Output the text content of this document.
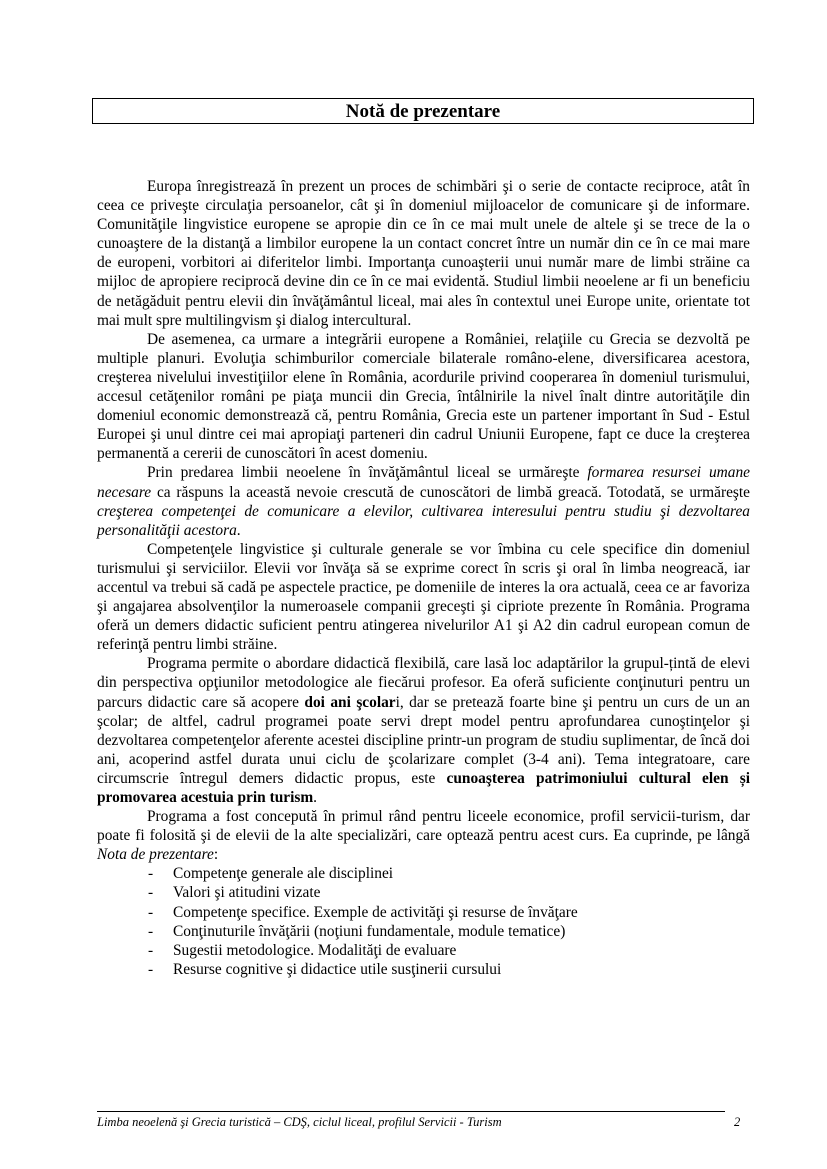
Notă de prezentare

Europa înregistrează în prezent un proces de schimbări şi o serie de contacte reciproce, atât în ceea ce priveşte circulaţia persoanelor, cât şi în domeniul mijloacelor de comunicare şi de informare. Comunităţile lingvistice europene se apropie din ce în ce mai mult unele de altele şi se trece de la o cunoaştere de la distanţă a limbilor europene la un contact concret între un număr din ce în ce mai mare de europeni, vorbitori ai diferitelor limbi. Importanţa cunoaşterii unui număr mare de limbi străine ca mijloc de apropiere reciprocă devine din ce în ce mai evidentă. Studiul limbii neoelene ar fi un beneficiu de netăgăduit pentru elevii din învăţământul liceal, mai ales în contextul unei Europe unite, orientate tot mai mult spre multilingvism şi dialog intercultural.

De asemenea, ca urmare a integrării europene a României, relaţiile cu Grecia se dezvoltă pe multiple planuri. Evoluţia schimburilor comerciale bilaterale româno-elene, diversificarea acestora, creşterea nivelului investiţiilor elene în România, acordurile privind cooperarea în domeniul turismului, accesul cetăţenilor români pe piaţa muncii din Grecia, întâlnirile la nivel înalt dintre autorităţile din domeniul economic demonstrează că, pentru România, Grecia este un partener important în Sud - Estul Europei şi unul dintre cei mai apropiaţi parteneri din cadrul Uniunii Europene, fapt ce duce la creşterea permanentă a cererii de cunoscători în acest domeniu.

Prin predarea limbii neoelene în învăţământul liceal se urmăreşte formarea resursei umane necesare ca răspuns la această nevoie crescută de cunoscători de limbă greacă. Totodată, se urmăreşte creşterea competenţei de comunicare a elevilor, cultivarea interesului pentru studiu şi dezvoltarea personalităţii acestora.

Competenţele lingvistice şi culturale generale se vor îmbina cu cele specifice din domeniul turismului şi serviciilor. Elevii vor învăţa să se exprime corect în scris şi oral în limba neogreacă, iar accentul va trebui să cadă pe aspectele practice, pe domeniile de interes la ora actuală, ceea ce ar favoriza şi angajarea absolvenţilor la numeroasele companii greceşti şi cipriote prezente în România. Programa oferă un demers didactic suficient pentru atingerea nivelurilor A1 şi A2 din cadrul european comun de referinţă pentru limbi străine.

Programa permite o abordare didactică flexibilă, care lasă loc adaptărilor la grupul-țintă de elevi din perspectiva opţiunilor metodologice ale fiecărui profesor. Ea oferă suficiente conţinuturi pentru un parcurs didactic care să acopere doi ani şcolari, dar se pretează foarte bine şi pentru un curs de un an şcolar; de altfel, cadrul programei poate servi drept model pentru aprofundarea cunoştinţelor şi dezvoltarea competenţelor aferente acestei discipline printr-un program de studiu suplimentar, de încă doi ani, acoperind astfel durata unui ciclu de şcolarizare complet (3-4 ani). Tema integratoare, care circumscrie întregul demers didactic propus, este cunoaşterea patrimoniului cultural elen și promovarea acestuia prin turism.

Programa a fost concepută în primul rând pentru liceele economice, profil servicii-turism, dar poate fi folosită şi de elevii de la alte specializări, care optează pentru acest curs. Ea cuprinde, pe lângă Nota de prezentare:

- Competenţe generale ale disciplinei
- Valori şi atitudini vizate
- Competenţe specifice. Exemple de activităţi şi resurse de învăţare
- Conţinuturile învăţării (noţiuni fundamentale, module tematice)
- Sugestii metodologice. Modalităţi de evaluare
- Resurse cognitive şi didactice utile susţinerii cursului
Limba neoelenă şi Grecia turistică – CDŞ, ciclul liceal, profilul Servicii - Turism	2
